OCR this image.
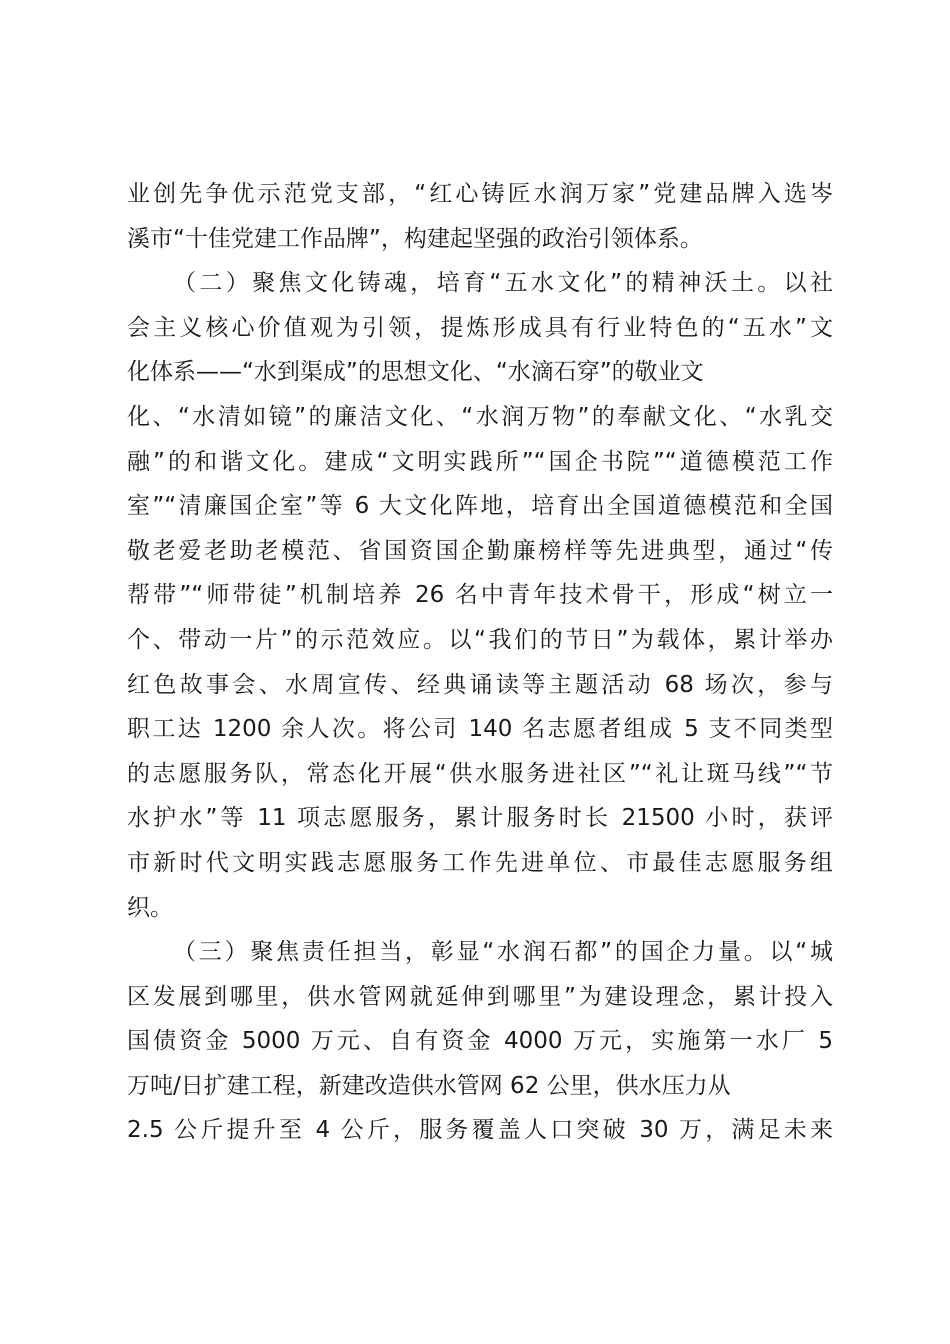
业创先争优示范党支部，“红心铸匠水润万家”党建品牌入选岑
溪市“十佳党建工作品牌”，构建起坚强的政治引领体系。
（二）聚焦文化铸魂，培育“五水文化”的精神沃土。以社
会主义核心价值观为引领，提炼形成具有行业特色的“五水”文
化体系——“水到渠成”的思想文化、“水滴石穿”的敬业文
化、“水清如镜”的廉洁文化、“水润万物”的奉献文化、“水乳交
融”的和谐文化。建成“文明实践所”“国企书院”“道德模范工作
室”“清廉国企室”等 6 大文化阵地，培育出全国道德模范和全国
敬老爱老助老模范、省国资国企勤廉榜样等先进典型，通过“传
帮带”“师带徒”机制培养 26 名中青年技术骨干，形成“树立一
个、带动一片”的示范效应。以“我们的节日”为载体，累计举办
红色故事会、水周宣传、经典诵读等主题活动 68 场次，参与
职工达 1200 余人次。将公司 140 名志愿者组成 5 支不同类型
的志愿服务队，常态化开展“供水服务进社区”“礼让斑马线”“节
水护水”等 11 项志愿服务，累计服务时长 21500 小时，获评
市新时代文明实践志愿服务工作先进单位、市最佳志愿服务组
织。
（三）聚焦责任担当，彰显“水润石都”的国企力量。以“城
区发展到哪里，供水管网就延伸到哪里”为建设理念，累计投入
国债资金 5000 万元、自有资金 4000 万元，实施第一水厂 5
万吨/日扩建工程，新建改造供水管网 62 公里，供水压力从
2.5 公斤提升至 4 公斤，服务覆盖人口突破 30 万，满足未来
